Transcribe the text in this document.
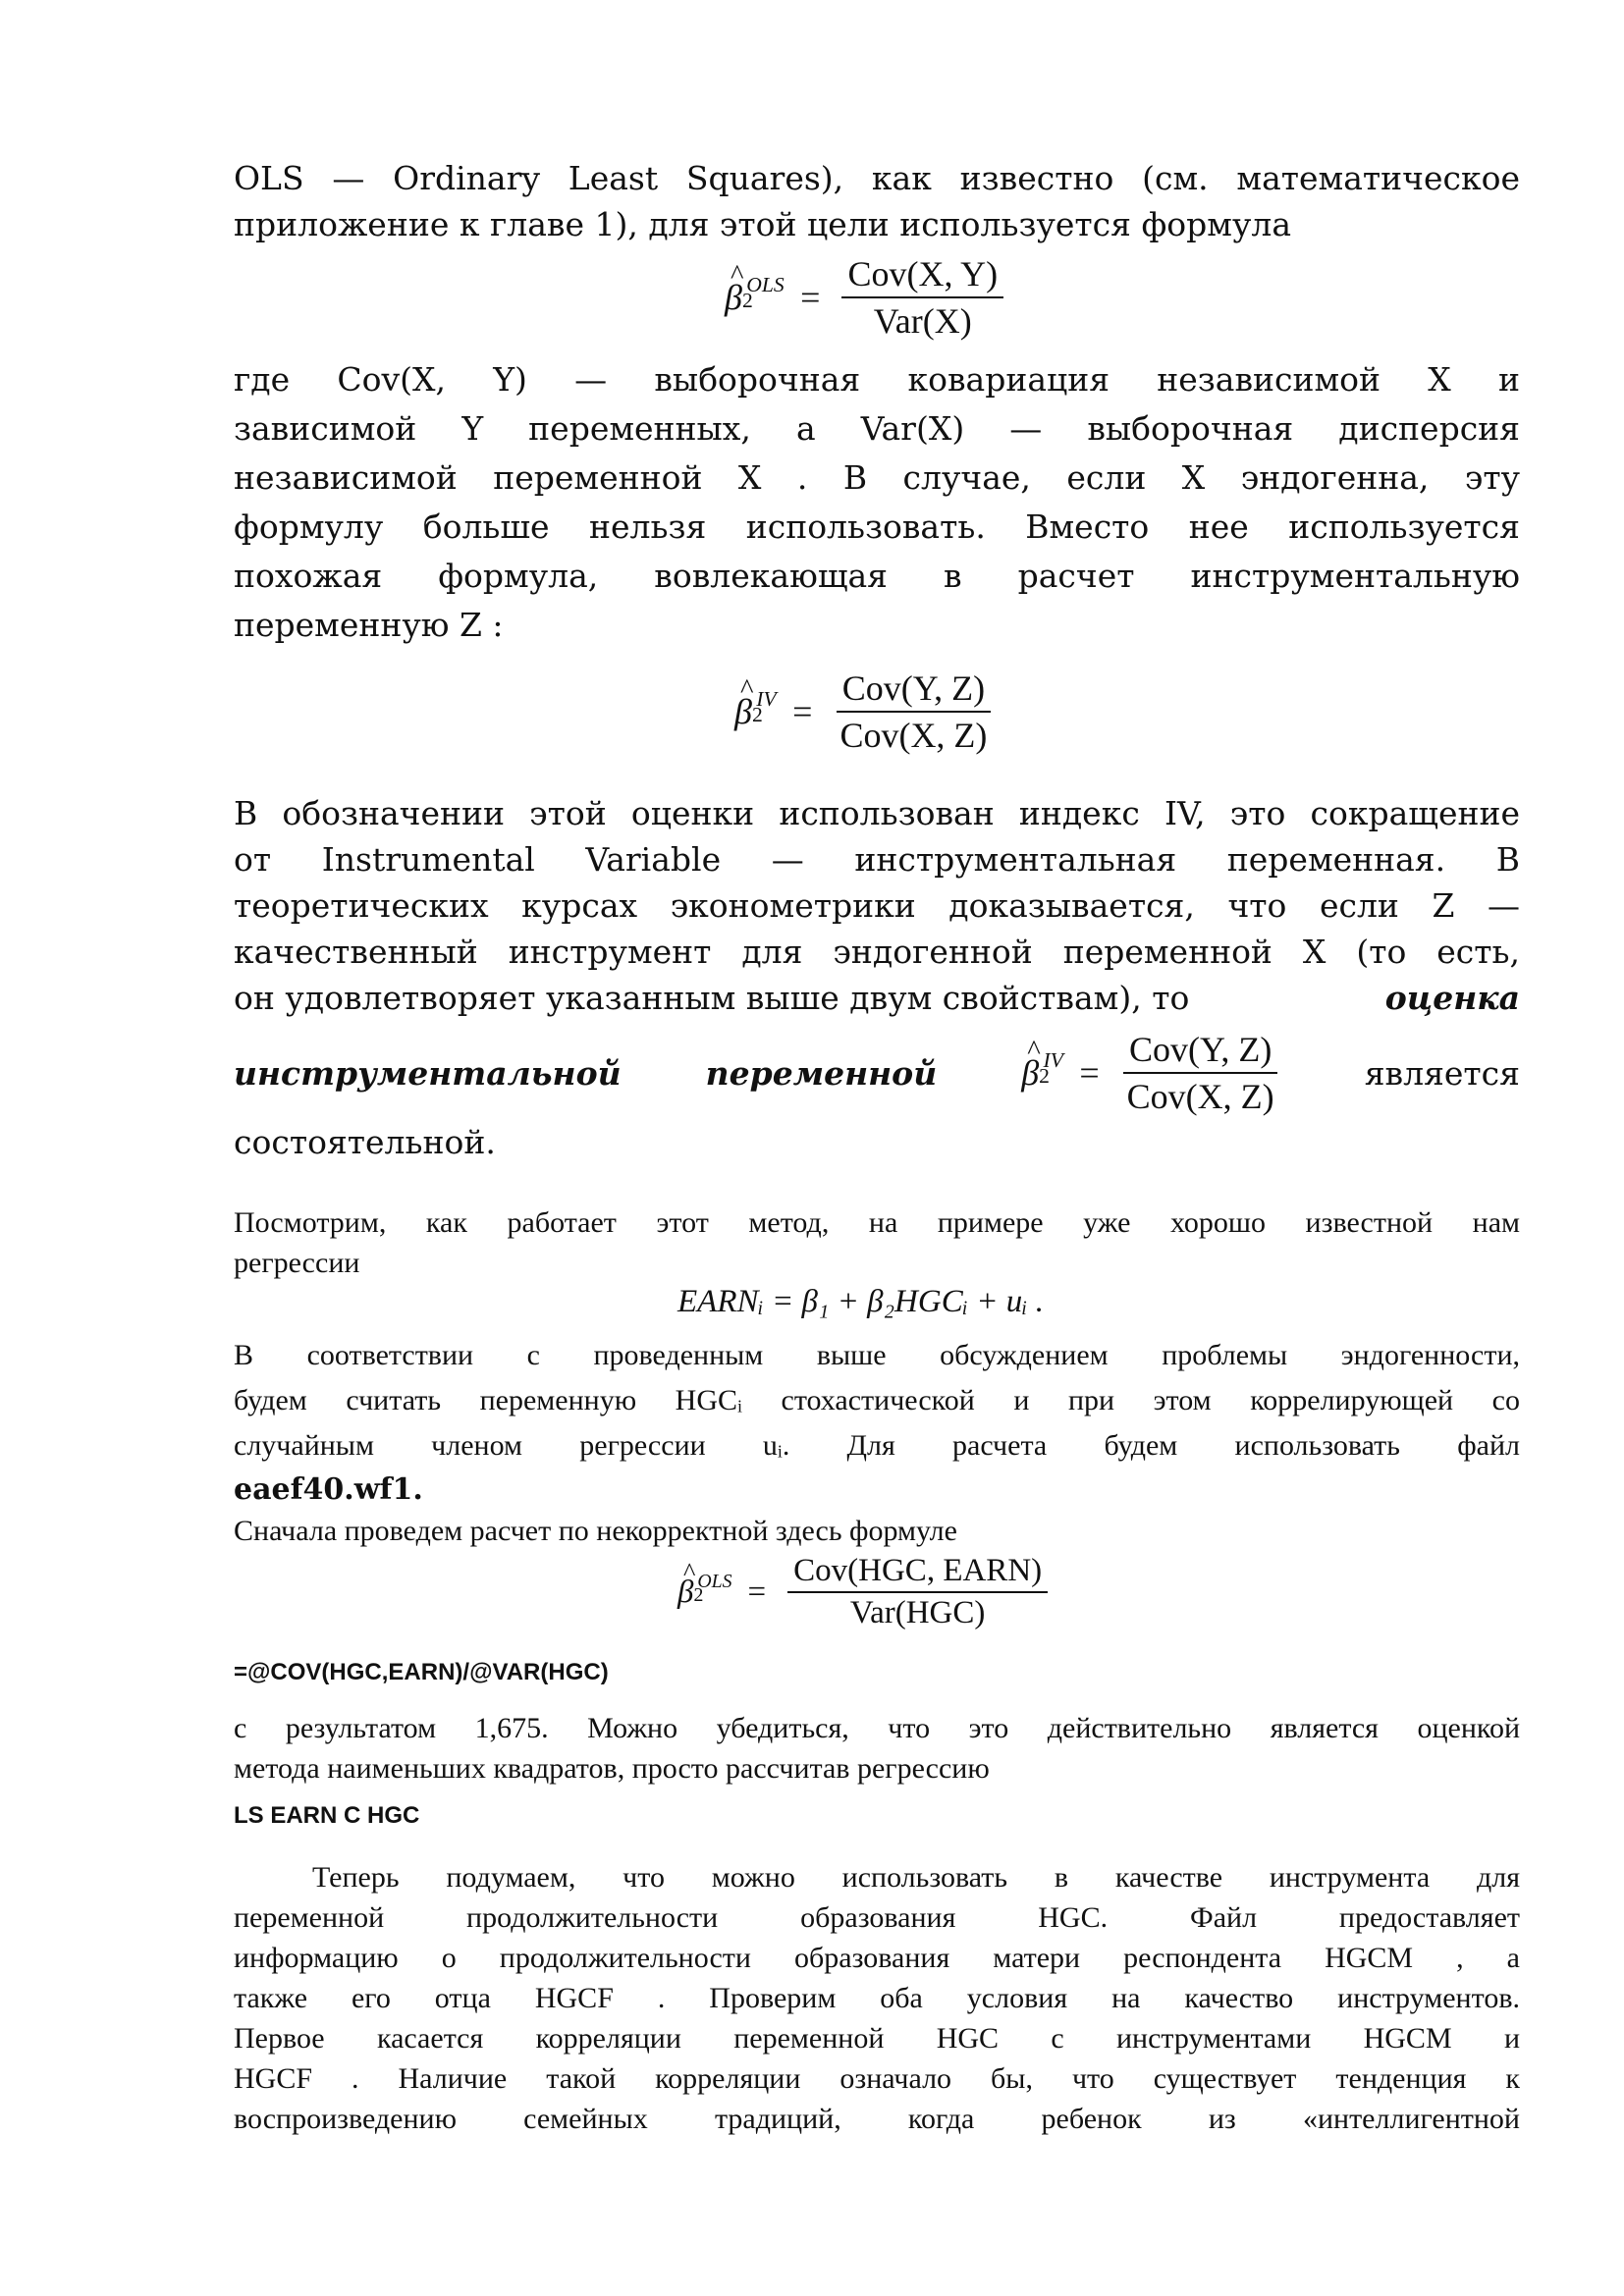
OLS — Ordinary Least Squares), как известно (см. математическое
приложение к главе 1), для этой цели используется формула
^ β 2
OLS = $\frac{\text{Cov(X, Y)}}{\text{Var(X)}}$
где Cov(X, Y) — выборочная ковариация независимой X и
зависимой Y переменных, а Var(X) — выборочная дисперсия
независимой переменной X . В случае, если X эндогенна, эту
формулу больше нельзя использовать. Вместо нее используется
похожая формула, вовлекающая в расчет инструментальную
переменную Z :
^ β 2
IV = $\frac{\text{Cov(Y, Z)}}{\text{Cov(X, Z)}}$
В обозначении этой оценки использован индекс IV, это сокращение
от Instrumental Variable — инструментальная переменная. В
теоретических курсах эконометрики доказывается, что если Z —
качественный инструмент для эндогенной переменной X (то есть,
он удовлетворяет указанным выше двум свойствам), то	оценка
инструментальной	переменной
^ β 2
IV = $\frac{\text{Cov(Y, Z)}}{\text{Cov(X, Z)}}$	является
состоятельной.
Посмотрим, как работает этот метод, на примере уже хорошо известной нам
регрессии
EARNᵢ = β₁ + β₂HGCᵢ + uᵢ .
В соответствии с проведенным выше обсуждением проблемы эндогенности,
будем считать переменную HGCᵢ стохастической и при этом коррелирующей со
случайным членом регрессии uᵢ. Для расчета будем использовать файл
eaef40.wf1.
Сначала проведем расчет по некорректной здесь формуле
^ β 2
OLS = $\frac{\text{Cov(HGC, EARN)}}{\text{Var(HGC)}}$
=@COV(HGC,EARN)/@VAR(HGC)
с результатом 1,675. Можно убедиться, что это действительно является оценкой
метода наименьших квадратов, просто рассчитав регрессию
LS EARN C HGC
Теперь подумаем, что можно использовать в качестве инструмента для
переменной продолжительности образования HGC. Файл предоставляет
информацию о продолжительности образования матери респондента HGCM , а
также его отца HGCF . Проверим оба условия на качество инструментов.
Первое касается корреляции переменной HGC с инструментами HGCM и
HGCF . Наличие такой корреляции означало бы, что существует тенденция к
воспроизведению семейных традиций, когда ребенок из «интеллигентной
